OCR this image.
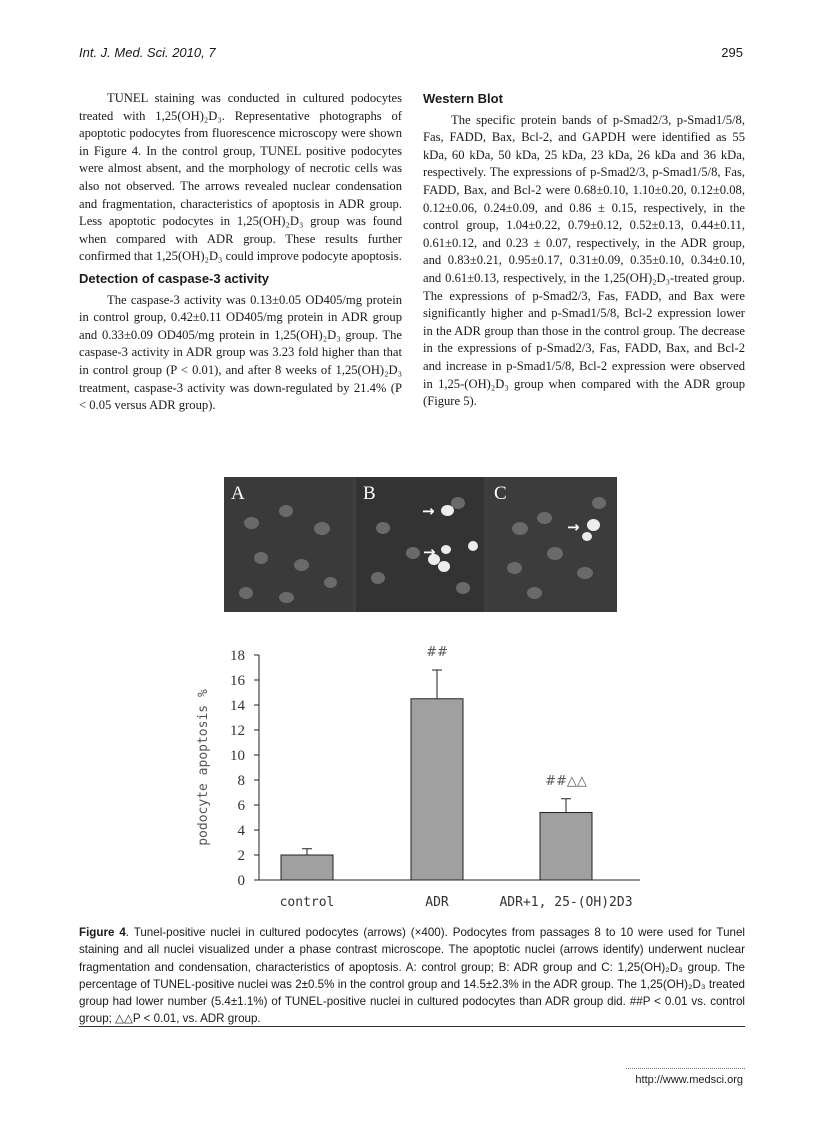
Int. J. Med. Sci. 2010, 7	295

TUNEL staining was conducted in cultured podocytes treated with 1,25(OH)₂D₃. Representative photographs of apoptotic podocytes from fluorescence microscopy were shown in Figure 4. In the control group, TUNEL positive podocytes were almost absent, and the morphology of necrotic cells was also not observed. The arrows revealed nuclear condensation and fragmentation, characteristics of apoptosis in ADR group. Less apoptotic podocytes in 1,25(OH)₂D₃ group was found when compared with ADR group. These results further confirmed that 1,25(OH)₂D₃ could improve podocyte apoptosis.

Detection of caspase-3 activity

The caspase-3 activity was 0.13±0.05 OD405/mg protein in control group, 0.42±0.11 OD405/mg protein in ADR group and 0.33±0.09 OD405/mg protein in 1,25(OH)₂D₃ group. The caspase-3 activity in ADR group was 3.23 fold higher than that in control group (P < 0.01), and after 8 weeks of 1,25(OH)₂D₃ treatment, caspase-3 activity was down-regulated by 21.4% (P < 0.05 versus ADR group).

Western Blot

The specific protein bands of p-Smad2/3, p-Smad1/5/8, Fas, FADD, Bax, Bcl-2, and GAPDH were identified as 55 kDa, 60 kDa, 50 kDa, 25 kDa, 23 kDa, 26 kDa and 36 kDa, respectively. The expressions of p-Smad2/3, p-Smad1/5/8, Fas, FADD, Bax, and Bcl-2 were 0.68±0.10, 1.10±0.20, 0.12±0.08, 0.12±0.06, 0.24±0.09, and 0.86 ± 0.15, respectively, in the control group, 1.04±0.22, 0.79±0.12, 0.52±0.13, 0.44±0.11, 0.61±0.12, and 0.23 ± 0.07, respectively, in the ADR group, and 0.83±0.21, 0.95±0.17, 0.31±0.09, 0.35±0.10, 0.34±0.10, and 0.61±0.13, respectively, in the 1,25(OH)₂D₃-treated group. The expressions of p-Smad2/3, Fas, FADD, and Bax were significantly higher and p-Smad1/5/8, Bcl-2 expression lower in the ADR group than those in the control group. The decrease in the expressions of p-Smad2/3, Fas, FADD, Bax, and Bcl-2 and increase in p-Smad1/5/8, Bcl-2 expression were observed in 1,25-(OH)₂D₃ group when compared with the ADR group (Figure 5).

A
→
→
B
→
C
0
2
4
6
8
10
12
14
16
18
control
##
ADR
##△△
ADR+1, 25-(OH)2D3
podocyte apoptosis %
Figure 4. Tunel-positive nuclei in cultured podocytes (arrows) (×400). Podocytes from passages 8 to 10 were used for Tunel staining and all nuclei visualized under a phase contrast microscope. The apoptotic nuclei (arrows identify) underwent nuclear fragmentation and condensation, characteristics of apoptosis. A: control group; B: ADR group and C: 1,25(OH)₂D₃ group. The percentage of TUNEL-positive nuclei was 2±0.5% in the control group and 14.5±2.3% in the ADR group. The 1,25(OH)₂D₃ treated group had lower number (5.4±1.1%) of TUNEL-positive nuclei in cultured podocytes than ADR group did. ##P < 0.01 vs. control group; △△P < 0.01, vs. ADR group.
http://www.medsci.org
